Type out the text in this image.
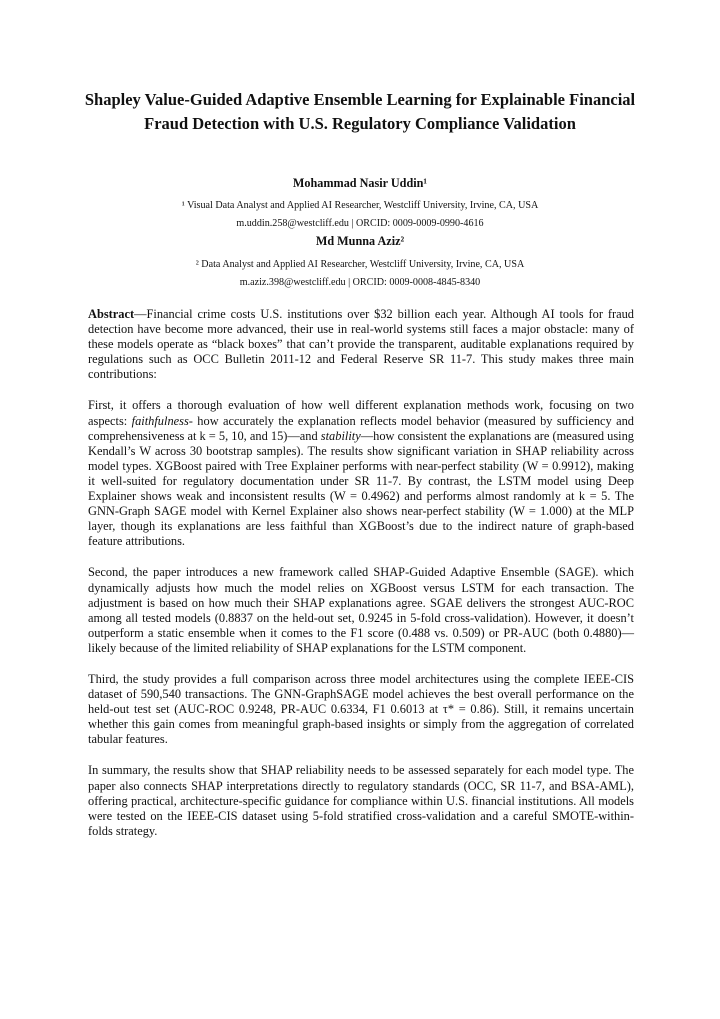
Shapley Value-Guided Adaptive Ensemble Learning for Explainable Financial Fraud Detection with U.S. Regulatory Compliance Validation
Mohammad Nasir Uddin¹
¹ Visual Data Analyst and Applied AI Researcher, Westcliff University, Irvine, CA, USA
m.uddin.258@westcliff.edu | ORCID: 0009-0009-0990-4616
Md Munna Aziz²
² Data Analyst and Applied AI Researcher, Westcliff University, Irvine, CA, USA
m.aziz.398@westcliff.edu | ORCID: 0009-0008-4845-8340

Abstract—Financial crime costs U.S. institutions over $32 billion each year. Although AI tools for fraud detection have become more advanced, their use in real-world systems still faces a major obstacle: many of these models operate as “black boxes” that can’t provide the transparent, auditable explanations required by regulations such as OCC Bulletin 2011-12 and Federal Reserve SR 11-7. This study makes three main contributions:

First, it offers a thorough evaluation of how well different explanation methods work, focusing on two aspects: faithfulness- how accurately the explanation reflects model behavior (measured by sufficiency and comprehensiveness at k = 5, 10, and 15)—and stability—how consistent the explanations are (measured using Kendall’s W across 30 bootstrap samples). The results show significant variation in SHAP reliability across model types. XGBoost paired with Tree Explainer performs with near-perfect stability (W = 0.9912), making it well-suited for regulatory documentation under SR 11-7. By contrast, the LSTM model using Deep Explainer shows weak and inconsistent results (W = 0.4962) and performs almost randomly at k = 5. The GNN-Graph SAGE model with Kernel Explainer also shows near-perfect stability (W = 1.000) at the MLP layer, though its explanations are less faithful than XGBoost’s due to the indirect nature of graph-based feature attributions.

Second, the paper introduces a new framework called SHAP-Guided Adaptive Ensemble (SAGE). which dynamically adjusts how much the model relies on XGBoost versus LSTM for each transaction. The adjustment is based on how much their SHAP explanations agree. SGAE delivers the strongest AUC-ROC among all tested models (0.8837 on the held-out set, 0.9245 in 5-fold cross-validation). However, it doesn’t outperform a static ensemble when it comes to the F1 score (0.488 vs. 0.509) or PR-AUC (both 0.4880)—likely because of the limited reliability of SHAP explanations for the LSTM component.

Third, the study provides a full comparison across three model architectures using the complete IEEE-CIS dataset of 590,540 transactions. The GNN-GraphSAGE model achieves the best overall performance on the held-out test set (AUC-ROC 0.9248, PR-AUC 0.6334, F1 0.6013 at τ* = 0.86). Still, it remains uncertain whether this gain comes from meaningful graph-based insights or simply from the aggregation of correlated tabular features.

In summary, the results show that SHAP reliability needs to be assessed separately for each model type. The paper also connects SHAP interpretations directly to regulatory standards (OCC, SR 11-7, and BSA-AML), offering practical, architecture-specific guidance for compliance within U.S. financial institutions. All models were tested on the IEEE-CIS dataset using 5-fold stratified cross-validation and a careful SMOTE-within-folds strategy.
